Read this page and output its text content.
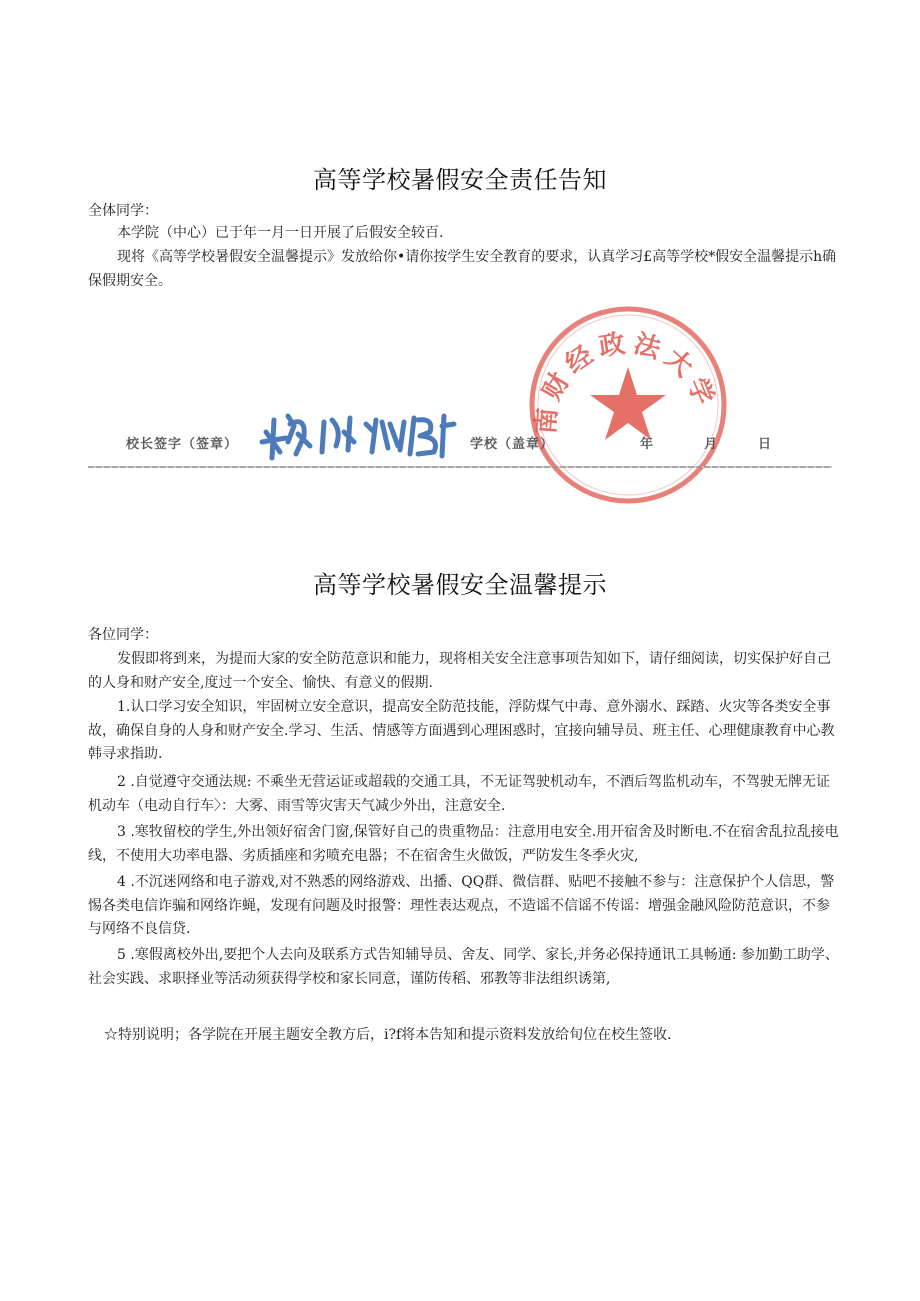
高等学校暑假安全责任告知
全体同学：
本学院（中心）已于年一月一日开展了后假安全较百.
现将《高等学校暑假安全温馨提示》发放给你•请你按学生安全教育的要求，认真学习£高等学校*假安全温馨提示h确保假期安全。
南财经政法大学
校长签字（签章）	学校（盖章）	年	月	日
高等学校暑假安全温馨提示
各位同学：
发假即将到来，为提而大家的安全防范意识和能力，现将相关安全注意事项告知如下，请仔细阅读，切实保护好自己的人身和财产安全,度过一个安全、愉快、有意义的假期.
1.认口学习安全知识，牢固树立安全意识，提高安全防范技能，浮防煤气中毒、意外溺水、踩踏、火灾等各类安全事故，确保自身的人身和财产安全.学习、生活、情感等方面遇到心理困惑时，宜接向辅导员、班主任、心理健康教育中心教韩寻求指助.
2 .自觉遵守交通法规: 不乘坐无营运证或超载的交通工具，不无证驾驶机动车，不酒后驾监机动车，不驾驶无牌无证机动车（电动自行车〉：大雾、雨雪等灾害天气减少外出，注意安全.
3 .寒牧留校的学生,外出领好宿舍门窗,保管好自己的贵重物品：注意用电安全.用开宿舍及时断电.不在宿舍乱拉乱接电线，不使用大功率电器、劣质插座和劣喷充电器；不在宿舍生火做饭，严防发生冬季火灾,
4 .不沉迷网络和电子游戏,对不熟悉的网络游戏、出播、QQ群、微信群、贴吧不接触不参与：注意保护个人信思，警惕各类电信诈骗和网络诈蝇，发现有问题及时报警：理性表达观点，不造谣不信谣不传谣：增强金融风险防范意识，不参与网络不良信贷.
5 .寒假离校外出,要把个人去向及联系方式告知辅导员、舍友、同学、家长,并务必保持通讯工具畅通: 参加勤工助学、社会实践、求职择业等活动须获得学校和家长同意，谨防传稻、邪教等非法组织诱第,
☆特别说明；各学院在开展主题安全教方后，i?f将本告知和提示资料发放给旬位在校生签收.
